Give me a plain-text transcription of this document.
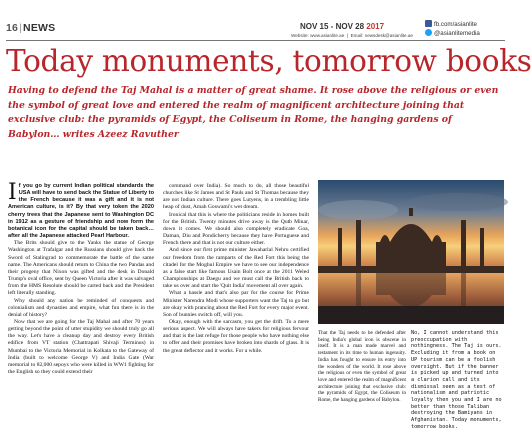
16|NEWS	NOV 15 - NOV 28 2017
Website: www.asianlite.ae  |  Email: newsdesk@asianlite.ae
fb.com/asianlite
@asianlitemedia
Today monuments, tomorrow books
Having to defend the Taj Mahal is a matter of great shame. It rose above the religious or even the symbol of great love and entered the realm of magnificent architecture joining that exclusive club: the pyramids of Egypt, the Coliseum in Rome, the hanging gardens of Babylon… writes Azeez Ravuther

If you go by current Indian political standards the USA will have to send back the Statue of Liberty to the French because it was a gift and it is not American culture, is it? By that very token the 2020 cherry trees that the Japanese sent to Washington DC in 1912 as a gesture of friendship and now form the botanical icon for the capital should be taken back…after all the Japanese attacked Pearl Harbour.

The Brits should give to the Yanks the statue of George Washington at Trafalgar and the Russians should give back the Sword of Stalingrad to commemorate the battle of the same name. The Americans should return to China the two Pandas and their progeny that Nixon was gifted and the desk in Donald Trump's oval office, sent by Queen Victoria after it was salvaged from the HMS Resolute should be carted back and the President left literally standing.

Why should any nation be reminded of conquests and colonialism and dynasties and empire, what fun there is in the denial of history?

Now that we are going for the Taj Mahal and after 70 years getting beyond the point of utter stupidity we should truly go all the way. Let's have a cleanup day and destroy every British edifice from VT station (Chattrapati Shivaji Terminus) in Mumbai to the Victoria Memorial in Kolkata to the Gateway of India (built to welcome George V) and India Gate (War memorial to 82,000 sepoys who were killed in WW1 fighting for the English so they could extend their

command over India). So much to do, all those beautiful churches like St James and St Pauls and St Thomas because they are not Indian culture. There goes Lutyens, in a trembling little heap of dust, Amah Goswami's wet dream.

Ironical that this is where the politicians reside in homes built for the British. Twenty minutes drive away is the Qutb Minar, down it comes. We should also completely eradicate Goa, Daman, Diu and Pondicherry because they have Portuguese and French there and that is not our culture either.

And since our first prime minister Jawaharlal Nehru certified our freedom from the ramparts of the Red Fort this being the citadel for the Moghul Empire we have to see our independence as a false start like famous Usain Bolt once at the 2011 Weled Championships at Daegu and we must call the British back to take us over and start the 'Quit India' movement all over again.

What a hassle and that's also par for the course for Prime Minister Narendra Modi whose supporters want the Taj to go but are okay with prancing about the Red Fort for every major event. Son of bunnies switch off, will you.

Okay, enough with the sarcasm, you get the drift. To a mere serious aspect. We will always have takers for religious fervour and that is the last refuge for those people who have nothing else to offer and their promises have broken into shards of glass. It is the great deflector and it works. For a while.

That the Taj needs to be defended after being India's global icon is obscene in itself. It is a man made marvel and testament in its time to human ingenuity. India has fought to ensure its entry into the wonders of the world. It rose above the religious or even the symbol of great love and entered the realm of magnificent architecture joining that exclusive club: the pyramids of Egypt, the Coliseum in Rome, the hanging gardens of Babylon.
No, I cannot understand this preoccupation with nothingness. The Taj is ours. Excluding it from a book on UP tourism can be a foolish oversight. But if the banner is picked up and turned into a clarion call and its dismissal seen as a test of nationalism and patriotic loyalty then you and I are no better than those Taliban destroying the Bamiyans in Afghanistan. Today monuments, tomorrow books.
